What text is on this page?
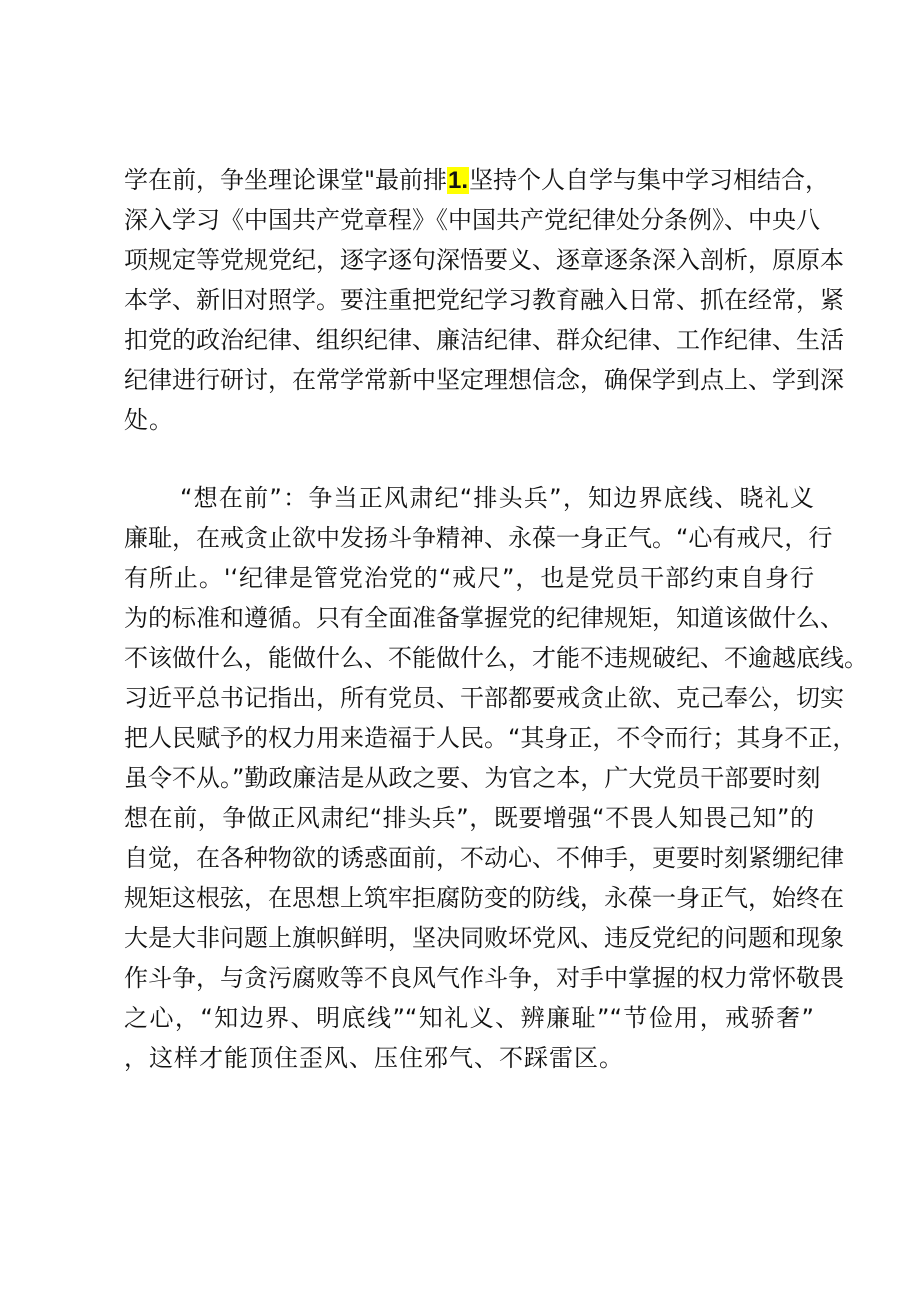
学在前，争坐理论课堂"最前排1.坚持个人自学与集中学习相结合，
深入学习《中国共产党章程》《中国共产党纪律处分条例》、中央八
项规定等党规党纪，逐字逐句深悟要义、逐章逐条深入剖析，原原本
本学、新旧对照学。要注重把党纪学习教育融入日常、抓在经常，紧
扣党的政治纪律、组织纪律、廉洁纪律、群众纪律、工作纪律、生活
纪律进行研讨，在常学常新中坚定理想信念，确保学到点上、学到深
处。
“想在前”：争当正风肃纪“排头兵”，知边界底线、晓礼义
廉耻，在戒贪止欲中发扬斗争精神、永葆一身正气。“心有戒尺，行
有所止。'‘纪律是管党治党的“戒尺”，也是党员干部约束自身行
为的标准和遵循。只有全面准备掌握党的纪律规矩，知道该做什么、
不该做什么，能做什么、不能做什么，才能不违规破纪、不逾越底线。
习近平总书记指出，所有党员、干部都要戒贪止欲、克己奉公，切实
把人民赋予的权力用来造福于人民。“其身正，不令而行；其身不正，
虽令不从。”勤政廉洁是从政之要、为官之本，广大党员干部要时刻
想在前，争做正风肃纪“排头兵”，既要增强“不畏人知畏己知”的
自觉，在各种物欲的诱惑面前，不动心、不伸手，更要时刻紧绷纪律
规矩这根弦，在思想上筑牢拒腐防变的防线，永葆一身正气，始终在
大是大非问题上旗帜鲜明，坚决同败坏党风、违反党纪的问题和现象
作斗争，与贪污腐败等不良风气作斗争，对手中掌握的权力常怀敬畏
之心，“知边界、明底线”“知礼义、辨廉耻”“节俭用，戒骄奢”
，这样才能顶住歪风、压住邪气、不踩雷区。
